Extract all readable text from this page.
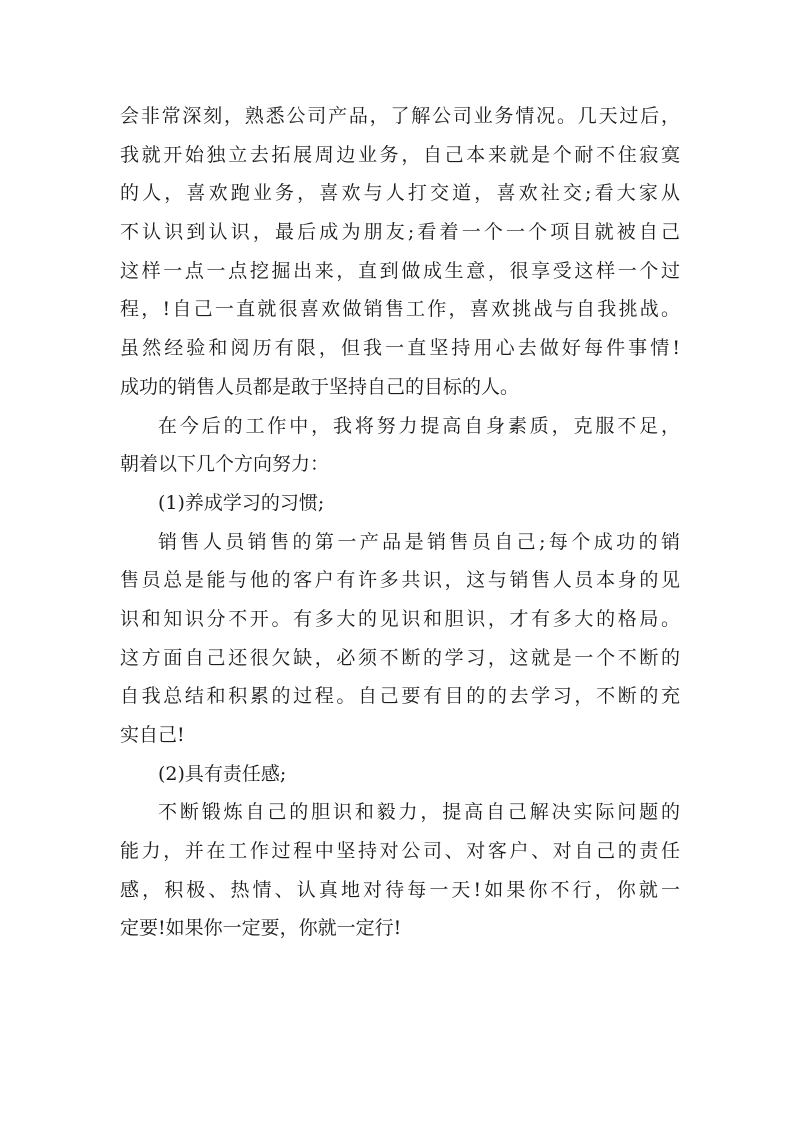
会非常深刻，熟悉公司产品，了解公司业务情况。几天过后，
我就开始独立去拓展周边业务，自己本来就是个耐不住寂寞
的人，喜欢跑业务，喜欢与人打交道，喜欢社交;看大家从
不认识到认识，最后成为朋友;看着一个一个项目就被自己
这样一点一点挖掘出来，直到做成生意，很享受这样一个过
程，!自己一直就很喜欢做销售工作，喜欢挑战与自我挑战。
虽然经验和阅历有限，但我一直坚持用心去做好每件事情!
成功的销售人员都是敢于坚持自己的目标的人。
在今后的工作中，我将努力提高自身素质，克服不足，
朝着以下几个方向努力：
(1)养成学习的习惯;
销售人员销售的第一产品是销售员自己;每个成功的销
售员总是能与他的客户有许多共识，这与销售人员本身的见
识和知识分不开。有多大的见识和胆识，才有多大的格局。
这方面自己还很欠缺，必须不断的学习，这就是一个不断的
自我总结和积累的过程。自己要有目的的去学习，不断的充
实自己!
(2)具有责任感;
不断锻炼自己的胆识和毅力，提高自己解决实际问题的
能力，并在工作过程中坚持对公司、对客户、对自己的责任
感，积极、热情、认真地对待每一天!如果你不行，你就一
定要!如果你一定要，你就一定行!
